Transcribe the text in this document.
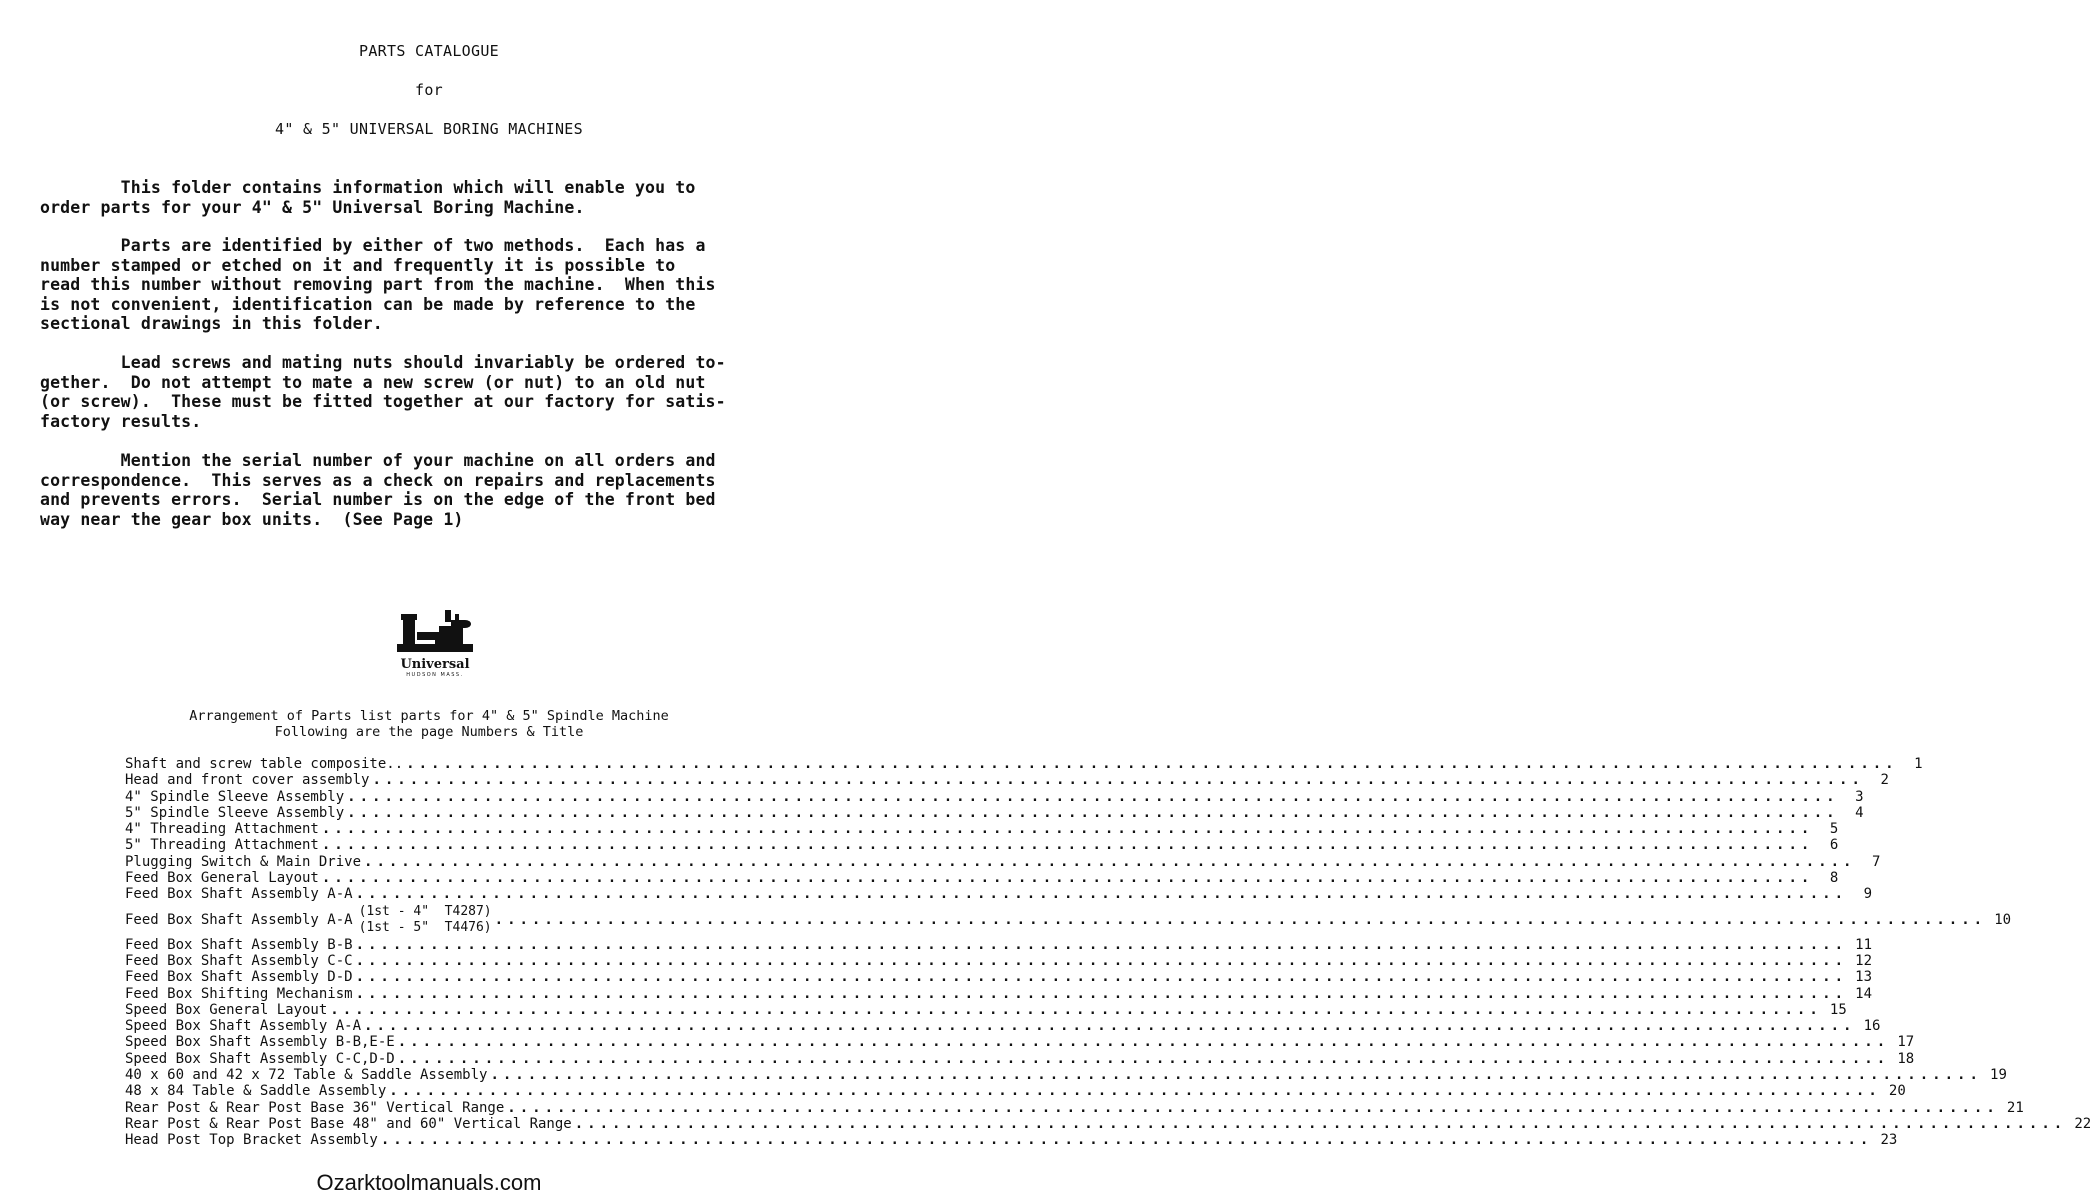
PARTS CATALOGUE
for
4" & 5" UNIVERSAL BORING MACHINES
This folder contains information which will enable you to
order parts for your 4" & 5" Universal Boring Machine.
Parts are identified by either of two methods.  Each has a
number stamped or etched on it and frequently it is possible to
read this number without removing part from the machine.  When this
is not convenient, identification can be made by reference to the
sectional drawings in this folder.
Lead screws and mating nuts should invariably be ordered to-
gether.  Do not attempt to mate a new screw (or nut) to an old nut
(or screw).  These must be fitted together at our factory for satis-
factory results.
Mention the serial number of your machine on all orders and
correspondence.  This serves as a check on repairs and replacements
and prevents errors.  Serial number is on the edge of the front bed
way near the gear box units.  (See Page 1)
Universal
HUDSON MASS.
Arrangement of Parts list parts for 4" & 5" Spindle Machine
Following are the page Numbers & Title
Shaft and screw table composite.. ........................................................................................................................	1
Head and front cover assembly ........................................................................................................................	2
4" Spindle Sleeve Assembly ........................................................................................................................	3
5" Spindle Sleeve Assembly ........................................................................................................................	4
4" Threading Attachment ........................................................................................................................	5
5" Threading Attachment ........................................................................................................................	6
Plugging Switch & Main Drive ........................................................................................................................	7
Feed Box General Layout ........................................................................................................................	8
Feed Box Shaft Assembly A-A ........................................................................................................................	9
Feed Box Shaft Assembly A-A
(1st - 4"  T4287)
(1st - 5"  T4476) ........................................................................................................................ 10
Feed Box Shaft Assembly B-B ........................................................................................................................ 11
Feed Box Shaft Assembly C-C ........................................................................................................................ 12
Feed Box Shaft Assembly D-D ........................................................................................................................ 13
Feed Box Shifting Mechanism ........................................................................................................................ 14
Speed Box General Layout ........................................................................................................................ 15
Speed Box Shaft Assembly A-A ........................................................................................................................ 16
Speed Box Shaft Assembly B-B,E-E ........................................................................................................................ 17
Speed Box Shaft Assembly C-C,D-D ........................................................................................................................ 18
40 x 60 and 42 x 72 Table & Saddle Assembly ........................................................................................................................ 19
48 x 84 Table & Saddle Assembly ........................................................................................................................ 20
Rear Post & Rear Post Base 36" Vertical Range ........................................................................................................................ 21
Rear Post & Rear Post Base 48" and 60" Vertical Range ........................................................................................................................ 22
Head Post Top Bracket Assembly ........................................................................................................................ 23
Ozarktoolmanuals.com
